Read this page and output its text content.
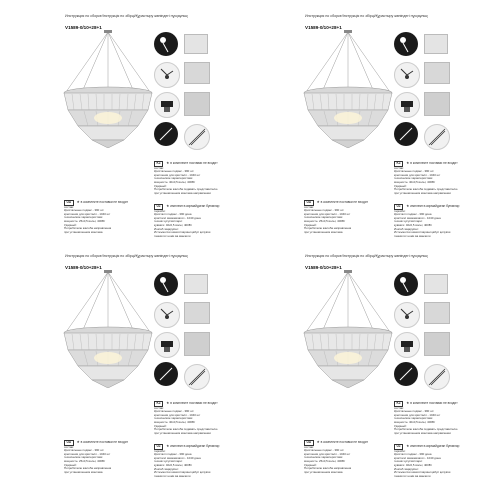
Инструкция по сборке/Інструкція по збірці/Құрастыру жөніндегі нұсқаулық
V1589-0/10+28+1
KZ ★в комплекте поставки не входит
состав:
Кристальные подвес - 390 шт
крепления для кристалл - 1040 шт
технические характеристики:
мощность: 40x0,5 вольт, 400Вт
Ударный:
Потребителю жалоба подавать представителю
при установленном монтажа направлении
UA ★в комплекте поставки не входит
состав:
Кристальные подвес - 390 шт
крепления для кристалл - 1040 шт
технические характеристики:
мощность: 25x0,5 вольт, 400Вт
Ударный:
Потребителю жалоба направлення
при установленном монтажа
UZ ★имплектга кирмайдиган буюмлар
таркиби:
Кристалл подвес - 390 дона
кристалл махкамлагич - 1040 дона
техник хусусиятлари:
қуввати: 40x0,5 вольт, 400Вт
Ишлаб чиқарувчи:
Истеъмолчи шикоятларини қабул қилувчи
ташкилот номи ва манзили
Инструкция по сборке/Інструкція по збірці/Құрастыру жөніндегі нұсқаулық
V1589-0/10+28+1
KZ ★в комплекте поставки не входит
состав:
Кристальные подвес - 390 шт
крепления для кристалл - 1040 шт
технические характеристики:
мощность: 40x0,5 вольт, 400Вт
Ударный:
Потребителю жалоба подавать представителю
при установленном монтажа направлении
UA ★в комплекте поставки не входит
состав:
Кристальные подвес - 390 шт
крепления для кристалл - 1040 шт
технические характеристики:
мощность: 25x0,5 вольт, 400Вт
Ударный:
Потребителю жалоба направлення
при установленном монтажа
UZ ★имплектга кирмайдиган буюмлар
таркиби:
Кристалл подвес - 390 дона
кристалл махкамлагич - 1040 дона
техник хусусиятлари:
қуввати: 40x0,5 вольт, 400Вт
Ишлаб чиқарувчи:
Истеъмолчи шикоятларини қабул қилувчи
ташкилот номи ва манзили
Инструкция по сборке/Інструкція по збірці/Құрастыру жөніндегі нұсқаулық
V1589-0/10+28+1
KZ ★в комплекте поставки не входит
состав:
Кристальные подвес - 390 шт
крепления для кристалл - 1040 шт
технические характеристики:
мощность: 40x0,5 вольт, 400Вт
Ударный:
Потребителю жалоба подавать представителю
при установленном монтажа направлении
UA ★в комплекте поставки не входит
состав:
Кристальные подвес - 390 шт
крепления для кристалл - 1040 шт
технические характеристики:
мощность: 25x0,5 вольт, 400Вт
Ударный:
Потребителю жалоба направлення
при установленном монтажа
UZ ★имплектга кирмайдиган буюмлар
таркиби:
Кристалл подвес - 390 дона
кристалл махкамлагич - 1040 дона
техник хусусиятлари:
қуввати: 40x0,5 вольт, 400Вт
Ишлаб чиқарувчи:
Истеъмолчи шикоятларини қабул қилувчи
ташкилот номи ва манзили
Инструкция по сборке/Інструкція по збірці/Құрастыру жөніндегі нұсқаулық
V1589-0/10+28+1
KZ ★в комплекте поставки не входит
состав:
Кристальные подвес - 390 шт
крепления для кристалл - 1040 шт
технические характеристики:
мощность: 40x0,5 вольт, 400Вт
Ударный:
Потребителю жалоба подавать представителю
при установленном монтажа направлении
UA ★в комплекте поставки не входит
состав:
Кристальные подвес - 390 шт
крепления для кристалл - 1040 шт
технические характеристики:
мощность: 25x0,5 вольт, 400Вт
Ударный:
Потребителю жалоба направлення
при установленном монтажа
UZ ★имплектга кирмайдиган буюмлар
таркиби:
Кристалл подвес - 390 дона
кристалл махкамлагич - 1040 дона
техник хусусиятлари:
қуввати: 40x0,5 вольт, 400Вт
Ишлаб чиқарувчи:
Истеъмолчи шикоятларини қабул қилувчи
ташкилот номи ва манзили
